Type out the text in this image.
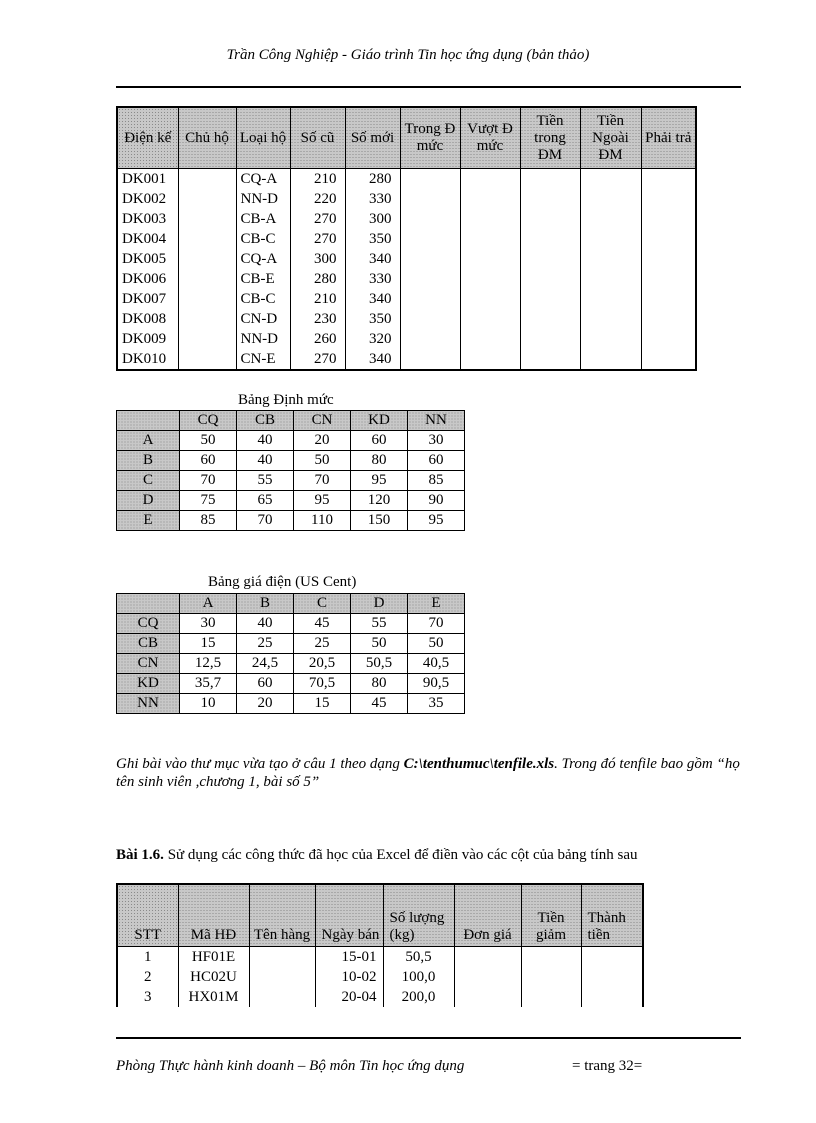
Trần Công Nghiệp - Giáo trình Tin học ứng dụng (bản thảo)
Điện kế	Chủ hộ	Loại hộ	Số cũ	Số mới	Trong Đ mức	Vượt Đ mức	Tiền trong ĐM	Tiền Ngoài ĐM	Phải trả
DK001		CQ-A	210	280					
DK002		NN-D	220	330					
DK003		CB-A	270	300					
DK004		CB-C	270	350					
DK005		CQ-A	300	340					
DK006		CB-E	280	330					
DK007		CB-C	210	340					
DK008		CN-D	230	350					
DK009		NN-D	260	320					
DK010		CN-E	270	340					
Bảng Định mức
	CQ	CB	CN	KD	NN
A	50	40	20	60	30
B	60	40	50	80	60
C	70	55	70	95	85
D	75	65	95	120	90
E	85	70	110	150	95
Bảng giá điện (US Cent)
	A	B	C	D	E
CQ	30	40	45	55	70
CB	15	25	25	50	50
CN	12,5	24,5	20,5	50,5	40,5
KD	35,7	60	70,5	80	90,5
NN	10	20	15	45	35
Ghi bài vào thư mục vừa tạo ở câu 1 theo dạng C:\tenthumuc\tenfile.xls. Trong đó tenfile bao gồm “họ tên sinh viên ,chương 1, bài số 5”
Bài 1.6. Sử dụng các công thức đã học của Excel để điền vào các cột của bảng tính sau
STT	Mã HĐ	Tên hàng	Ngày bán	Số lượng (kg)	Đơn giá	Tiền giảm	Thành tiền
1	HF01E		15-01	50,5			
2	HC02U		10-02	100,0			
3	HX01M		20-04	200,0			
Phòng Thực hành kinh doanh – Bộ môn Tin học ứng dụng	= trang 32=
